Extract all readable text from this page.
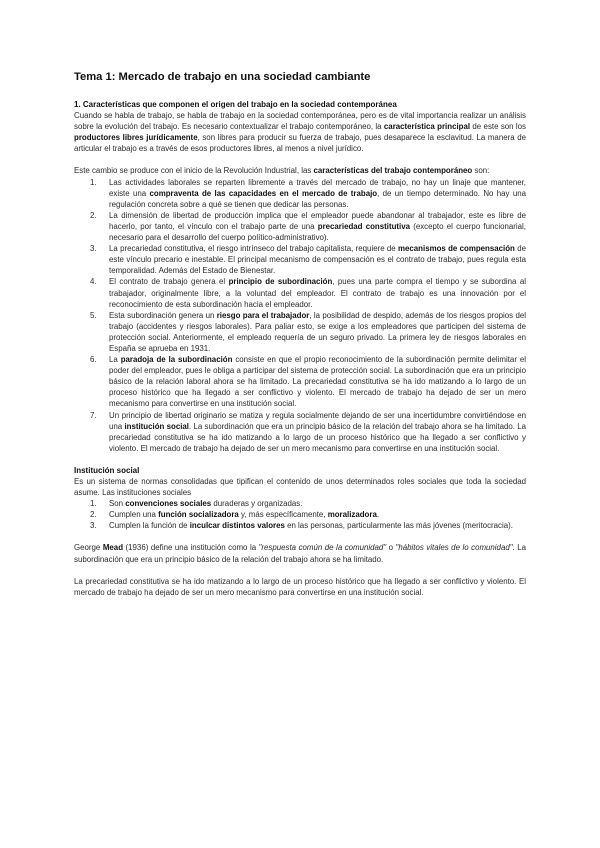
Tema 1: Mercado de trabajo en una sociedad cambiante
1. Características que componen el origen del trabajo en la sociedad contemporánea

Cuando se habla de trabajo, se habla de trabajo en la sociedad contemporánea, pero es de vital importancia realizar un análisis sobre la evolución del trabajo. Es necesario contextualizar el trabajo contemporáneo, la característica principal de este son los productores libres jurídicamente, son libres para producir su fuerza de trabajo, pues desaparece la esclavitud. La manera de articular el trabajo es a través de esos productores libres, al menos a nivel jurídico.

Este cambio se produce con el inicio de la Revolución Industrial, las características del trabajo contemporáneo son:

1. Las actividades laborales se reparten libremente a través del mercado de trabajo, no hay un linaje que mantener, existe una compraventa de las capacidades en el mercado de trabajo, de un tiempo determinado. No hay una regulación concreta sobre a qué se tienen que dedicar las personas.
2. La dimensión de libertad de producción implica que el empleador puede abandonar al trabajador, este es libre de hacerlo, por tanto, el vínculo con el trabajo parte de una precariedad constitutiva (excepto el cuerpo funcionarial, necesario para el desarrollo del cuerpo político-administrativo).
3. La precariedad constitutiva, el riesgo intrínseco del trabajo capitalista, requiere de mecanismos de compensación de este vínculo precario e inestable. El principal mecanismo de compensación es el contrato de trabajo, pues regula esta temporalidad. Además del Estado de Bienestar.
4. El contrato de trabajo genera el principio de subordinación, pues una parte compra el tiempo y se subordina al trabajador, originalmente libre, a la voluntad del empleador. El contrato de trabajo es una innovación por el reconocimiento de esta subordinación hacia el empleador.
5. Esta subordinación genera un riesgo para el trabajador, la posibilidad de despido, además de los riesgos propios del trabajo (accidentes y riesgos laborales). Para paliar esto, se exige a los empleadores que participen del sistema de protección social. Anteriormente, el empleado requería de un seguro privado. La primera ley de riesgos laborales en España se aprueba en 1931.
6. La paradoja de la subordinación consiste en que el propio reconocimiento de la subordinación permite delimitar el poder del empleador, pues le obliga a participar del sistema de protección social. La subordinación que era un principio básico de la relación laboral ahora se ha limitado. La precariedad constitutiva se ha ido matizando a lo largo de un proceso histórico que ha llegado a ser conflictivo y violento. El mercado de trabajo ha dejado de ser un mero mecanismo para convertirse en una institución social.
7. Un principio de libertad originario se matiza y regula socialmente dejando de ser una incertidumbre convirtiéndose en una institución social. La subordinación que era un principio básico de la relación del trabajo ahora se ha limitado. La precariedad constitutiva se ha ido matizando a lo largo de un proceso histórico que ha llegado a ser conflictivo y violento. El mercado de trabajo ha dejado de ser un mero mecanismo para convertirse en una institución social.
Institución social

Es un sistema de normas consolidadas que tipifican el contenido de unos determinados roles sociales que toda la sociedad asume. Las instituciones sociales

1. Son convenciones sociales duraderas y organizadas.
2. Cumplen una función socializadora y, más específicamente, moralizadora.
3. Cumplen la función de inculcar distintos valores en las personas, particularmente las más jóvenes (meritocracia).

George Mead (1936) define una institución como la "respuesta común de la comunidad" o "hábitos vitales de lo comunidad". La subordinación que era un principio básico de la relación del trabajo ahora se ha limitado.

La precariedad constitutiva se ha ido matizando a lo largo de un proceso histórico que ha llegado a ser conflictivo y violento. El mercado de trabajo ha dejado de ser un mero mecanismo para convertirse en una institución social.
